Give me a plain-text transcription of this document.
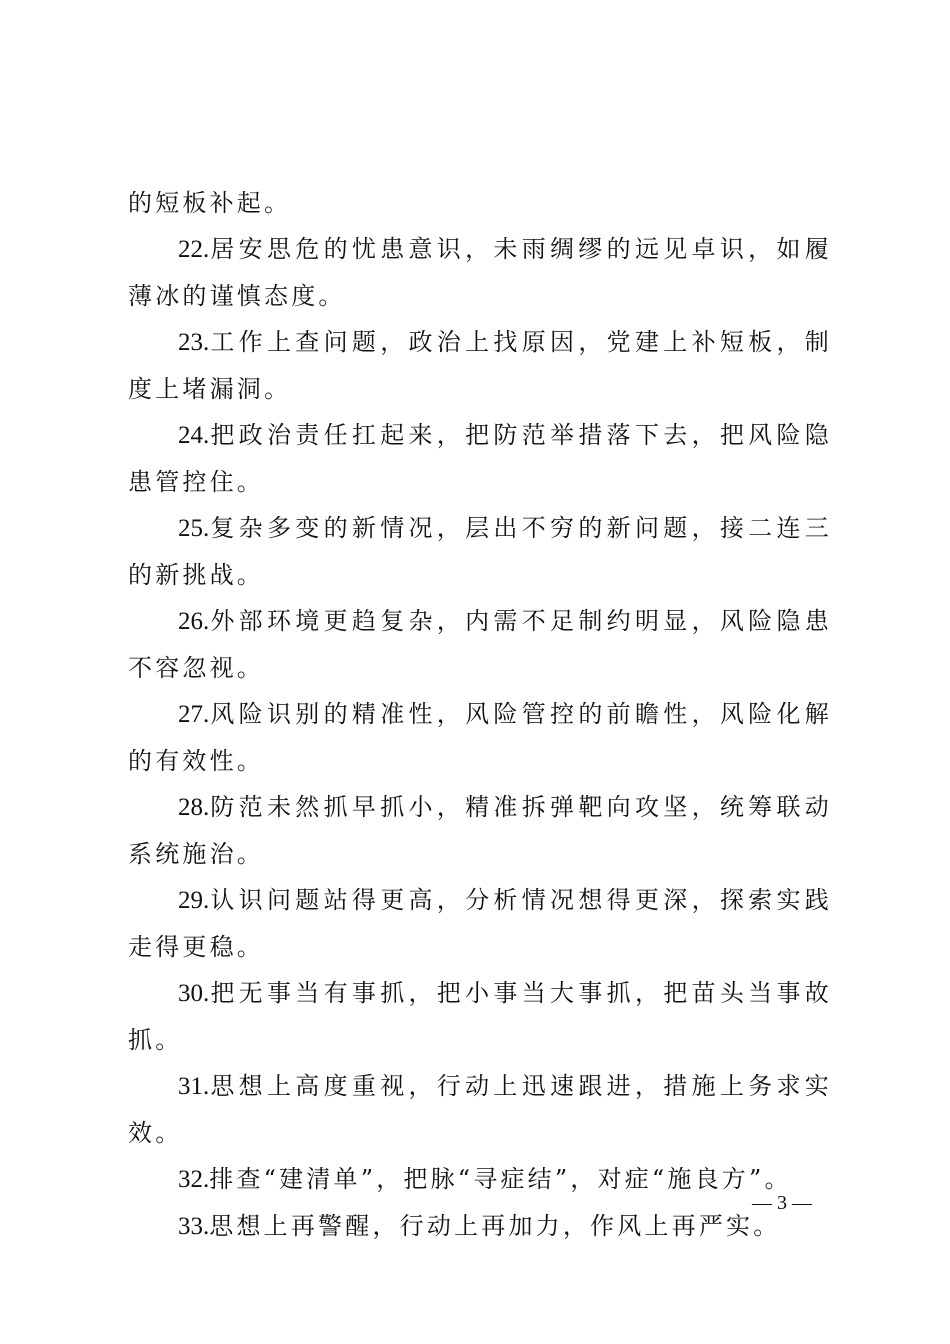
的短板补起。

22.居安思危的忧患意识，未雨绸缪的远见卓识，如履薄冰的谨慎态度。

23.工作上查问题，政治上找原因，党建上补短板，制度上堵漏洞。

24.把政治责任扛起来，把防范举措落下去，把风险隐患管控住。

25.复杂多变的新情况，层出不穷的新问题，接二连三的新挑战。

26.外部环境更趋复杂，内需不足制约明显，风险隐患不容忽视。

27.风险识别的精准性，风险管控的前瞻性，风险化解的有效性。

28.防范未然抓早抓小，精准拆弹靶向攻坚，统筹联动系统施治。

29.认识问题站得更高，分析情况想得更深，探索实践走得更稳。

30.把无事当有事抓，把小事当大事抓，把苗头当事故抓。

31.思想上高度重视，行动上迅速跟进，措施上务求实效。

32.排查“建清单”，把脉“寻症结”，对症“施良方”。

33.思想上再警醒，行动上再加力，作风上再严实。

— 3 —
